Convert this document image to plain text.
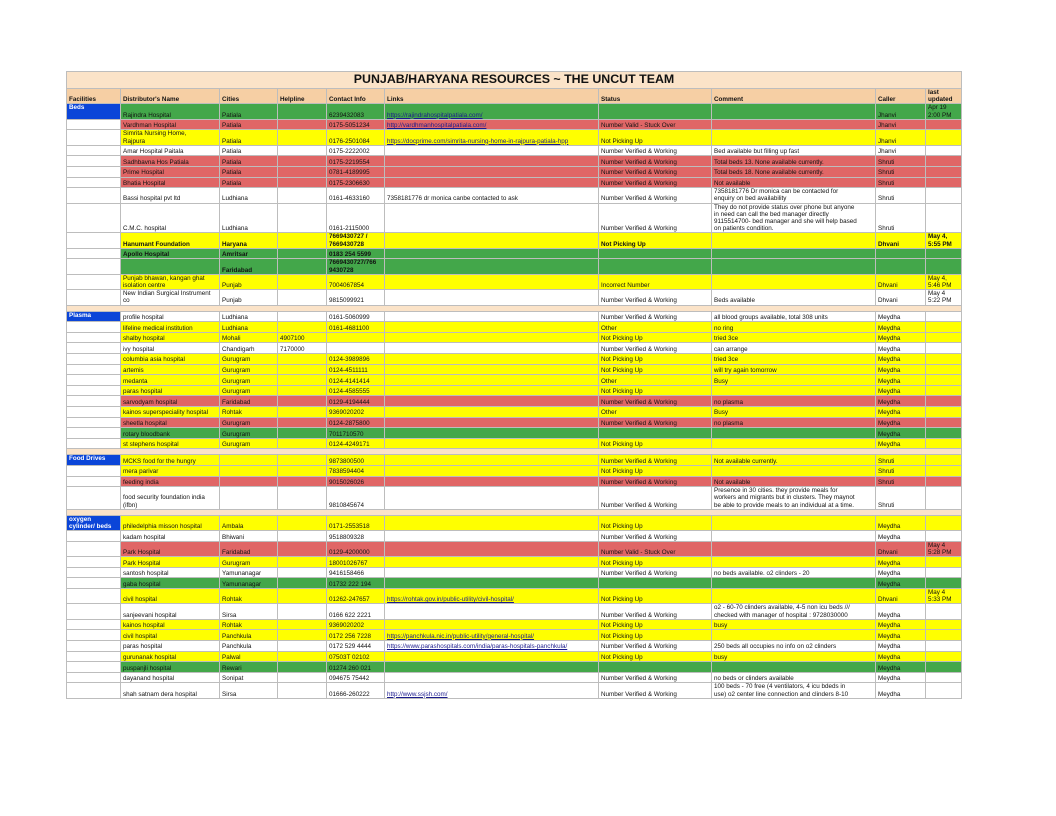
PUNJAB/HARYANA RESOURCES ~ THE UNCUT TEAM									
Facilities	Distributor's Name	Cities	Helpline	Contact Info	Links	Status	Comment	Caller	last updated
Beds	Rajindra Hospital	Patiala		6239432083	https://rajindrahospitalpatiala.com/			Jhanvi	Apr 19 2:00 PM
	Vardhman Hospital	Patiala		0175-5051234	http://vardhmanhospitalpatiala.com/	Number Valid - Stuck Over		Jhanvi	
	Simrita Nursing Home,
Rajpura	Patiala		0176-2501084	https://docprime.com/simrita-nursing-home-in-rajpura-patiala-hpp	Not Picking Up		Jhanvi	
	Amar Hospital Paitala	Patiala		0175-2222002		Number Verified & Working	Bed available but filling up fast	Jhanvi	
	Sadhbavna Hos Patiala	Patiala		0175-2219554		Number Verified & Working	Total beds 13. None available currently.	Shruti	
	Prime Hospital	Patiala		0781-4189995		Number Verified & Working	Total beds 18. None available currently.	Shruti	
	Bhatia Hospital	Patiala		0175-2306630		Number Verified & Working	Not available	Shruti	
	Bassi hospital pvt ltd	Ludhiana		0161-4633160	7358181776 dr monica canbe contacted to ask	Number Verified & Working	7358181776 Dr monica can be contacted for
enquiry on bed availability	Shruti	
	C.M.C. hospital	Ludhiana		0161-2115000		Number Verified & Working	They do not provide status over phone but anyone
in need can call the bed manager directly
9115514700- bed manager and she will help based
on patients condition.	Shruti	
	Hanumant Foundation	Haryana		7669430727 /
7669430728		Not Picking Up		Dhvani	May 4, 5:55 PM
	Apollo Hospital	Amritsar		0183 254 5599					
		Faridabad		7669430727/766
9430728					
	Punjab bhawan, kangan ghat
isolation centre	Punjab		7004067854		Incorrect Number		Dhvani	May 4, 5:46 PM
	New Indian Surgical Instrument
co	Punjab		9815099921		Number Verified & Working	Beds available	Dhvani	May 4 5:22 PM

Plasma	profile hospital	Ludhiana		0161-5060999		Number Verified & Working	all blood groups available, total 308 units	Meydha	
	lifeline medical institution	Ludhiana		0161-4681100		Other	no ring	Meydha	
	shalby hospital	Mohali	4907100			Not Picking Up	tried 3ce	Meydha	
	ivy hospital	Chandigarh	7170000			Number Verified & Working	can arrange	Meydha	
	columbia asia hospital	Gurugram		0124-3989896		Not Picking Up	tried 3ce	Meydha	
	artemis	Gurugram		0124-4511111		Not Picking Up	will try again tomorrow	Meydha	
	medanta	Gurugram		0124-4141414		Other	Busy	Meydha	
	paras hospital	Gurugram		0124-4585555		Not Picking Up		Meydha	
	sarvodyam hospital	Faridabad		0129-4194444		Number Verified & Working	no plasma	Meydha	
	kainos superspeciality hospital	Rohtak		9369020202		Other	Busy	Meydha	
	sheetla hospital	Gurugram		0124-2875800		Number Verified & Working	no plasma	Meydha	
	rotary bloodbank	Gurugram		7011710570				Meydha	
	st stephens hospital	Gurugram		0124-4249171		Not Picking Up		Meydha	

Food Drives	MCKS food for the hungry			9873800500		Number Verified & Working	Not available currently.	Shruti	
	mera parivar			7838594404		Not Picking Up		Shruti	
	feeding india			9015026026		Number Verified & Working	Not available	Shruti	
	food security foundation india
(ifbn)			9810845674		Number Verified & Working	Presence in 30 cities. they provide meals for
workers and migrants but in clusters. They maynot
be able to provide meals to an individual at a time.	Shruti	

oxygen
cylinder/ beds	philedelphia misson hospital	Ambala		0171-2553518		Not Picking Up		Meydha	
	kadam hospital	Bhiwani		9518809328		Number Verified & Working		Meydha	
	Park Hospital	Faridabad		0129-4200000		Number Valid - Stuck Over		Dhvani	May 4 5:28 PM
	Park Hospital	Gurugram		18001026767		Not Picking Up		Meydha	
	santosh hospital	Yamunanagar		9416158466		Number Verified & Working	no beds available. o2 clinders - 20	Meydha	
	gaba hospital	Yamunanagar		01732 222 194				Meydha	
	civil hospital	Rohtak		01262-247657	https://rohtak.gov.in/public-utility/civil-hospital/	Not Picking Up		Dhvani	May 4 5:33 PM
	sanjeevani hospital	Sirsa		0166 622 2221		Number Verified & Working	o2 - 60-70 clinders available, 4-5 non icu beds ///
checked with manager of hospital : 9728030000	Meydha	
	kainos hospital	Rohtak		9369020202		Not Picking Up	busy	Meydha	
	civil hospital	Panchkula		0172 256 7228	https://panchkula.nic.in/public-utility/general-hospital/	Not Picking Up		Meydha	
	paras hospital	Panchkula		0172 529 4444	https://www.parashospitals.com/india/paras-hospitals-panchkula/	Number Verified & Working	250 beds all occupies no info on o2 clinders	Meydha	
	gurunanak hospital	Palwal		07503T 02102		Not Picking Up	busy	Meydha	
	puspanjli hospital	Rewari		01274 260 021				Meydha	
	dayanand hospital	Sonipat		094675 75442		Number Verified & Working	no beds or clinders available	Meydha	
	shah satnam dera hospital	Sirsa		01666-260222	http://www.ssjsh.com/	Number Verified & Working	100 beds - 70 free (4 ventilators, 4 icu bdeds in
use) o2 center line connection and clinders 8-10	Meydha	
